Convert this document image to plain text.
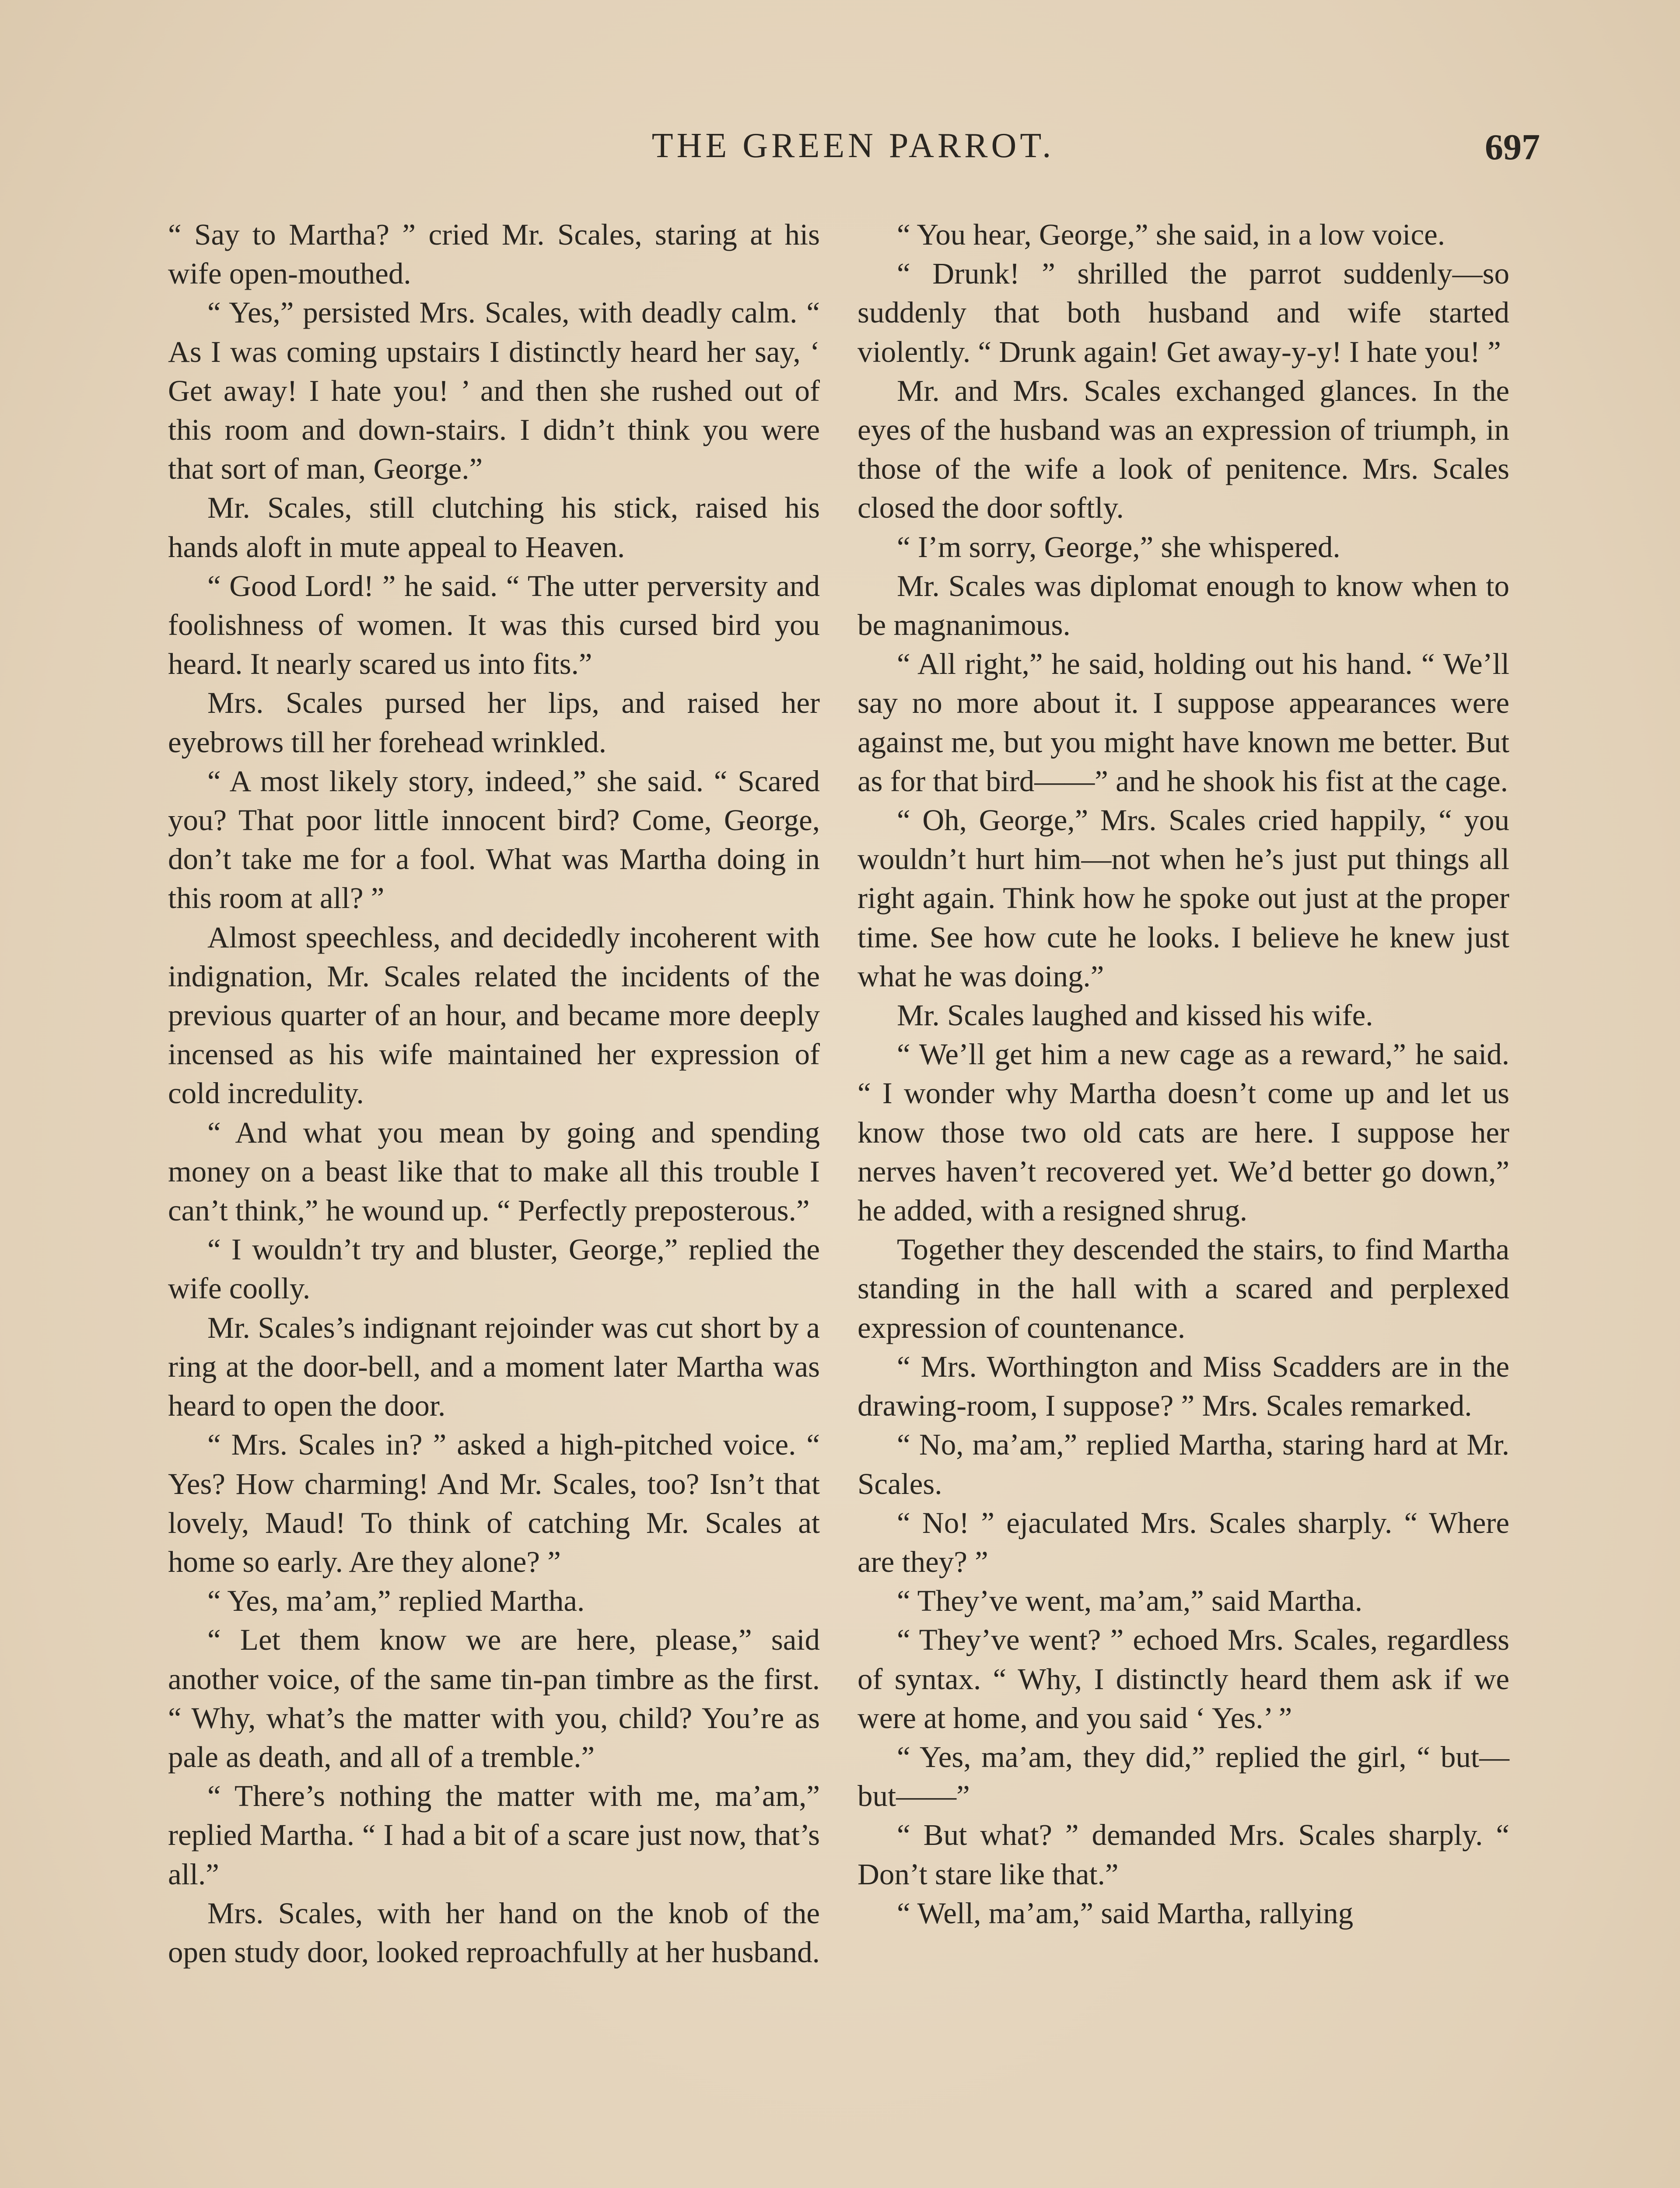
THE GREEN PARROT.	697

“ Say to Martha? ” cried Mr. Scales, staring at his wife open-mouthed.

“ Yes,” persisted Mrs. Scales, with deadly calm. “ As I was coming upstairs I distinctly heard her say, ‘ Get away! I hate you! ’ and then she rushed out of this room and down-stairs. I didn’t think you were that sort of man, George.”

Mr. Scales, still clutching his stick, raised his hands aloft in mute appeal to Heaven.

“ Good Lord! ” he said. “ The utter perversity and foolishness of women. It was this cursed bird you heard. It nearly scared us into fits.”

Mrs. Scales pursed her lips, and raised her eyebrows till her forehead wrinkled.

“ A most likely story, indeed,” she said. “ Scared you? That poor little innocent bird? Come, George, don’t take me for a fool. What was Martha doing in this room at all? ”

Almost speechless, and decidedly incoherent with indignation, Mr. Scales related the incidents of the previous quarter of an hour, and became more deeply incensed as his wife maintained her expression of cold incredulity.

“ And what you mean by going and spending money on a beast like that to make all this trouble I can’t think,” he wound up. “ Perfectly preposterous.”

“ I wouldn’t try and bluster, George,” replied the wife coolly.

Mr. Scales’s indignant rejoinder was cut short by a ring at the door-bell, and a moment later Martha was heard to open the door.

“ Mrs. Scales in? ” asked a high-pitched voice. “ Yes? How charming! And Mr. Scales, too? Isn’t that lovely, Maud! To think of catching Mr. Scales at home so early. Are they alone? ”

“ Yes, ma’am,” replied Martha.

“ Let them know we are here, please,” said another voice, of the same tin-pan timbre as the first. “ Why, what’s the matter with you, child? You’re as pale as death, and all of a tremble.”

“ There’s nothing the matter with me, ma’am,” replied Martha. “ I had a bit of a scare just now, that’s all.”

Mrs. Scales, with her hand on the knob of the open study door, looked reproachfully at her husband.

“ You hear, George,” she said, in a low voice.

“ Drunk! ” shrilled the parrot suddenly—so suddenly that both husband and wife started violently. “ Drunk again! Get away-y-y! I hate you! ”

Mr. and Mrs. Scales exchanged glances. In the eyes of the husband was an expression of triumph, in those of the wife a look of penitence. Mrs. Scales closed the door softly.

“ I’m sorry, George,” she whispered.

Mr. Scales was diplomat enough to know when to be magnanimous.

“ All right,” he said, holding out his hand. “ We’ll say no more about it. I suppose appearances were against me, but you might have known me better. But as for that bird——” and he shook his fist at the cage.

“ Oh, George,” Mrs. Scales cried happily, “ you wouldn’t hurt him—not when he’s just put things all right again. Think how he spoke out just at the proper time. See how cute he looks. I believe he knew just what he was doing.”

Mr. Scales laughed and kissed his wife.

“ We’ll get him a new cage as a reward,” he said. “ I wonder why Martha doesn’t come up and let us know those two old cats are here. I suppose her nerves haven’t recovered yet. We’d better go down,” he added, with a resigned shrug.

Together they descended the stairs, to find Martha standing in the hall with a scared and perplexed expression of countenance.

“ Mrs. Worthington and Miss Scadders are in the drawing-room, I suppose? ” Mrs. Scales remarked.

“ No, ma’am,” replied Martha, staring hard at Mr. Scales.

“ No! ” ejaculated Mrs. Scales sharply. “ Where are they? ”

“ They’ve went, ma’am,” said Martha.

“ They’ve went? ” echoed Mrs. Scales, regardless of syntax. “ Why, I distinctly heard them ask if we were at home, and you said ‘ Yes.’ ”

“ Yes, ma’am, they did,” replied the girl, “ but—but——”

“ But what? ” demanded Mrs. Scales sharply. “ Don’t stare like that.”

“ Well, ma’am,” said Martha, rallying
